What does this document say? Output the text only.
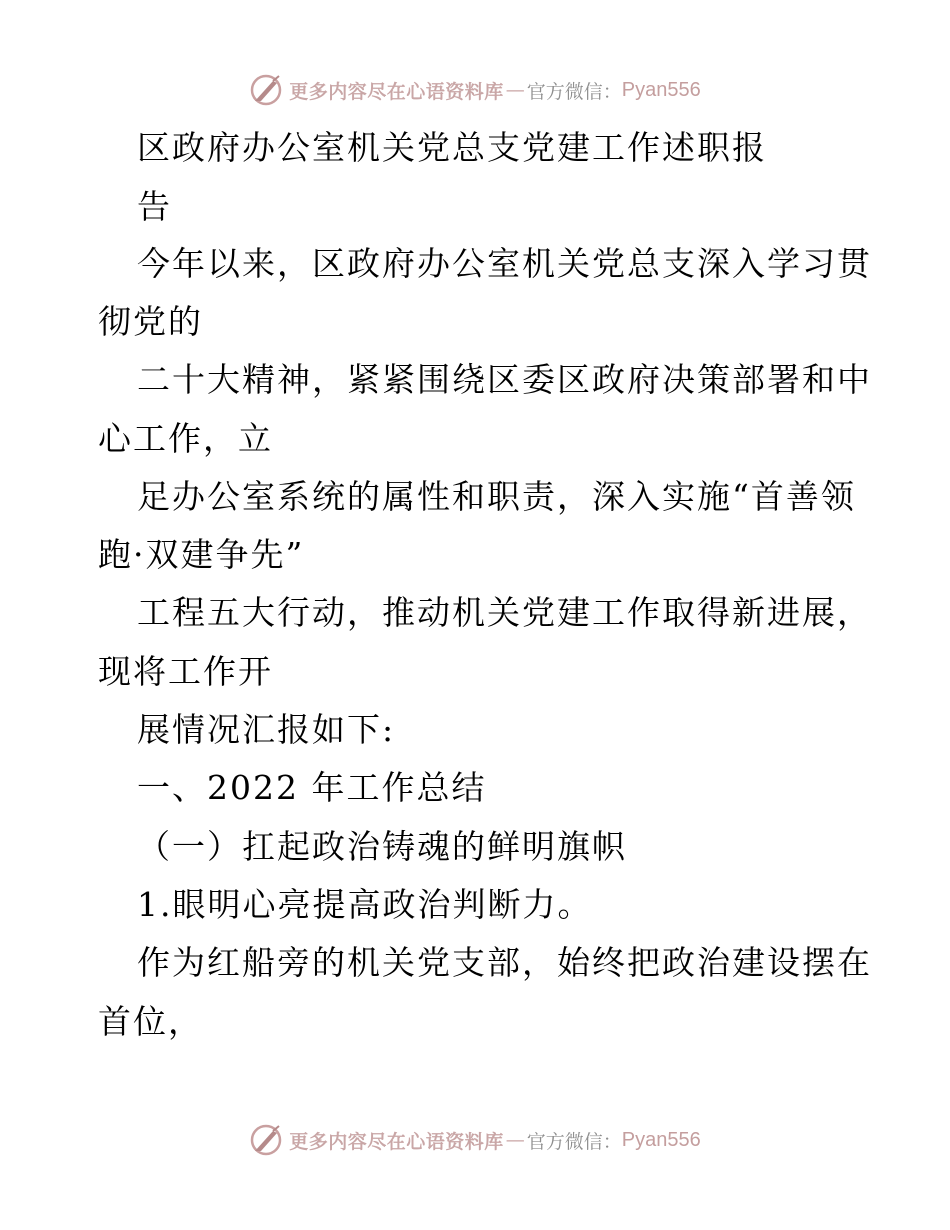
更多内容尽在心语资料库 — 官方微信： Pyan556
区政府办公室机关党总支党建工作述职报
告
今年以来，区政府办公室机关党总支深入学习贯
彻党的
二十大精神，紧紧围绕区委区政府决策部署和中
心工作，立
足办公室系统的属性和职责，深入实施“首善领
跑·双建争先”
工程五大行动，推动机关党建工作取得新进展，
现将工作开
展情况汇报如下:
一、2022 年工作总结
（一）扛起政治铸魂的鲜明旗帜
1.眼明心亮提高政治判断力。
作为红船旁的机关党支部，始终把政治建设摆在
首位，
更多内容尽在心语资料库 — 官方微信： Pyan556
